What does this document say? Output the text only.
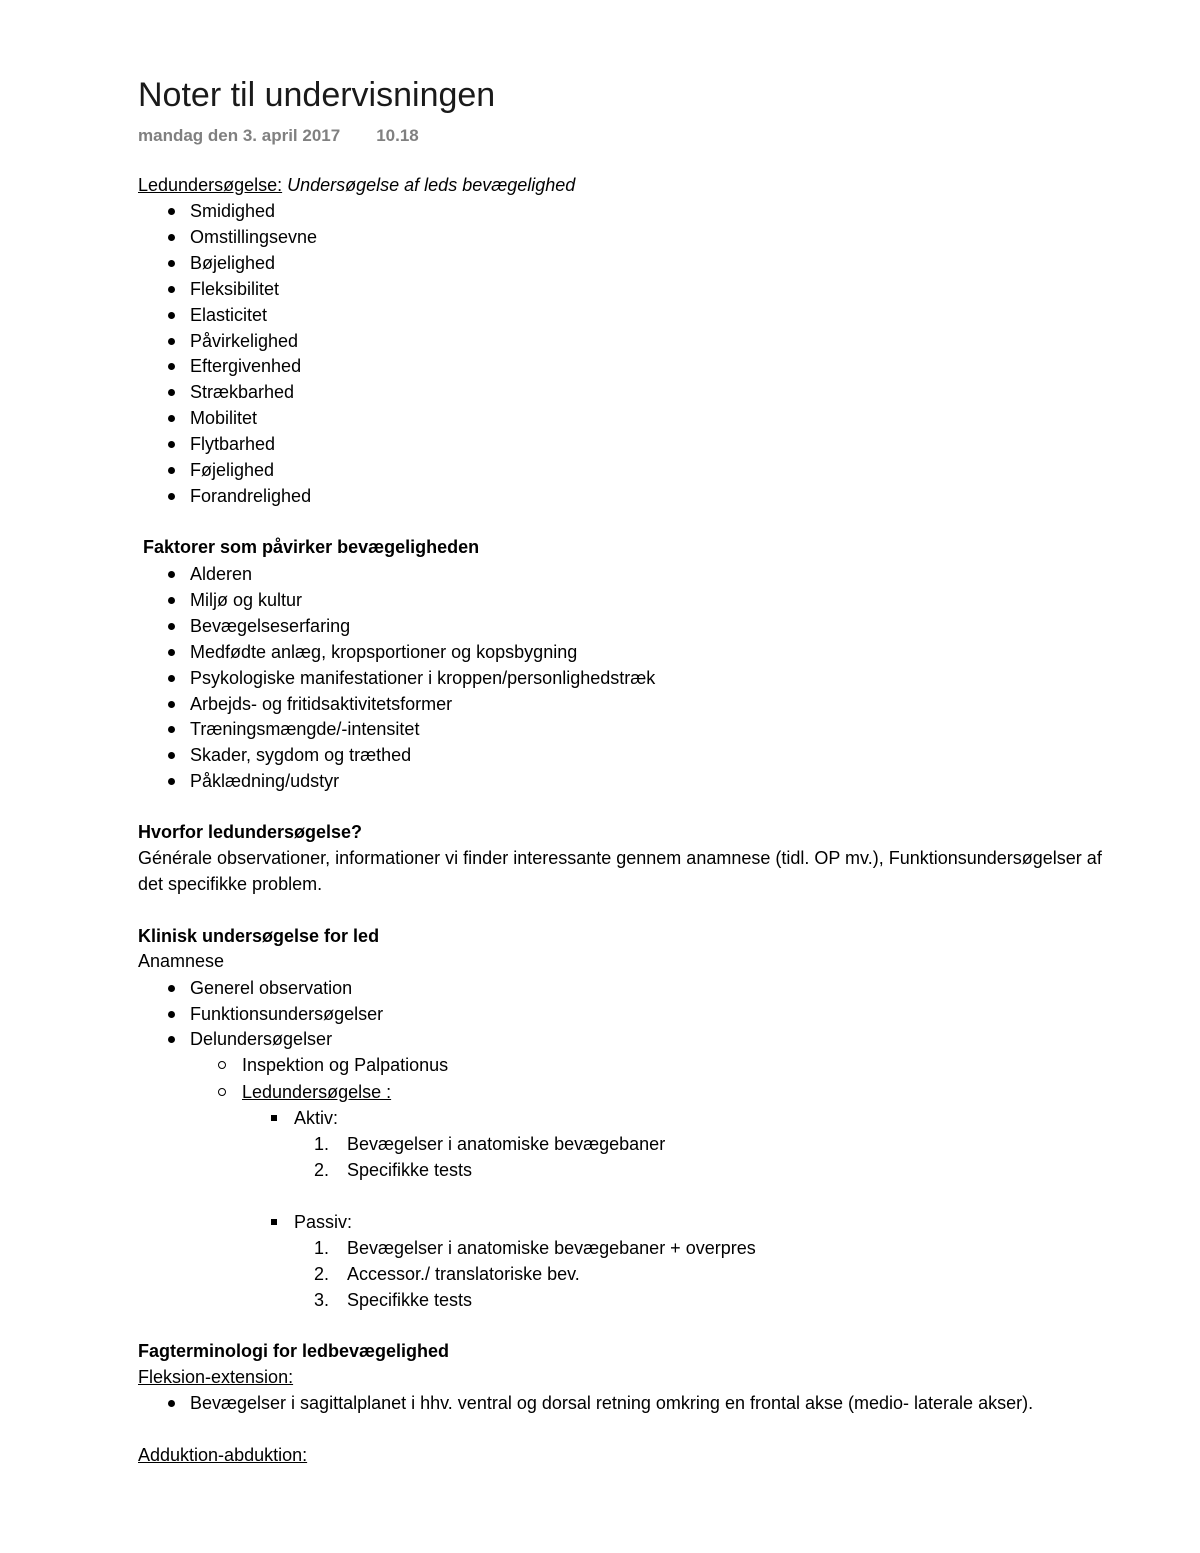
Noter til undervisningen
mandag den 3. april 2017 10.18
Ledundersøgelse: Undersøgelse af leds bevægelighed
Smidighed
Omstillingsevne
Bøjelighed
Fleksibilitet
Elasticitet
Påvirkelighed
Eftergivenhed
Strækbarhed
Mobilitet
Flytbarhed
Føjelighed
Forandrelighed
Faktorer som påvirker bevægeligheden
Alderen
Miljø og kultur
Bevægelseserfaring
Medfødte anlæg, kropsportioner og kopsbygning
Psykologiske manifestationer i kroppen/personlighedstræk
Arbejds- og fritidsaktivitetsformer
Træningsmængde/-intensitet
Skader, sygdom og træthed
Påklædning/udstyr
Hvorfor ledundersøgelse?
Générale observationer, informationer vi finder interessante gennem anamnese (tidl. OP mv.), Funktionsundersøgelser af
det specifikke problem.
Klinisk undersøgelse for led
Anamnese
Generel observation
Funktionsundersøgelser
Delundersøgelser
Inspektion og Palpationus
Ledundersøgelse :
Aktiv:
1. Bevægelser i anatomiske bevægebaner
2. Specifikke tests
Passiv:
1. Bevægelser i anatomiske bevægebaner + overpres
2. Accessor./ translatoriske bev.
3. Specifikke tests
Fagterminologi for ledbevægelighed
Fleksion-extension:
Bevægelser i sagittalplanet i hhv. ventral og dorsal retning omkring en frontal akse (medio- laterale akser).
Adduktion-abduktion:
